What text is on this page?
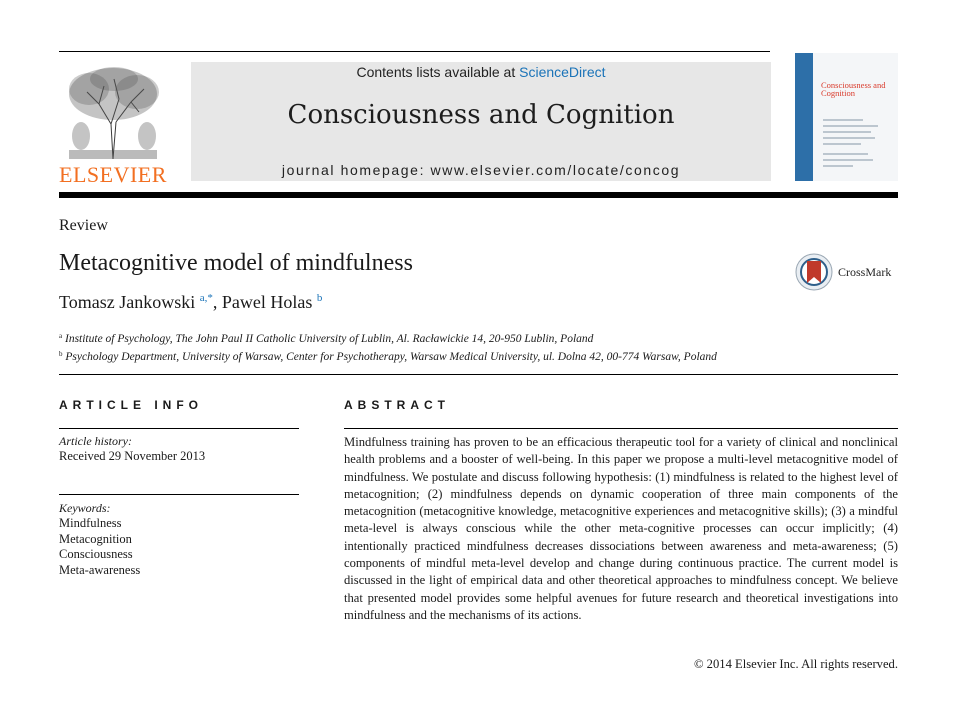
ELSEVIER
Contents lists available at ScienceDirect
Consciousness and Cognition
journal homepage: www.elsevier.com/locate/concog
Consciousness and Cognition
Review
Metacognitive model of mindfulness
Tomasz Jankowski $^{a,*}$, Pawel Holas $^b$
CrossMark
$^a$ Institute of Psychology, The John Paul II Catholic University of Lublin, Al. Racławickie 14, 20-950 Lublin, Poland
$^b$ Psychology Department, University of Warsaw, Center for Psychotherapy, Warsaw Medical University, ul. Dolna 42, 00-774 Warsaw, Poland
ARTICLE INFO
Article history:
Received 29 November 2013
Keywords:
Mindfulness
Metacognition
Consciousness
Meta-awareness
ABSTRACT

Mindfulness training has proven to be an efficacious therapeutic tool for a variety of clinical and nonclinical health problems and a booster of well-being. In this paper we propose a multi-level metacognitive model of mindfulness. We postulate and discuss following hypothesis: (1) mindfulness is related to the highest level of metacognition; (2) mindfulness depends on dynamic cooperation of three main components of the metacognition (metacognitive knowledge, metacognitive experiences and metacognitive skills); (3) a mindful meta-level is always conscious while the other meta-cognitive processes can occur implicitly; (4) intentionally practiced mindfulness decreases dissociations between awareness and meta-awareness; (5) components of mindful meta-level develop and change during continuous practice. The current model is discussed in the light of empirical data and other theoretical approaches to mindfulness concept. We believe that presented model provides some helpful avenues for future research and theoretical investigations into mindfulness and the mechanisms of its actions.

© 2014 Elsevier Inc. All rights reserved.
